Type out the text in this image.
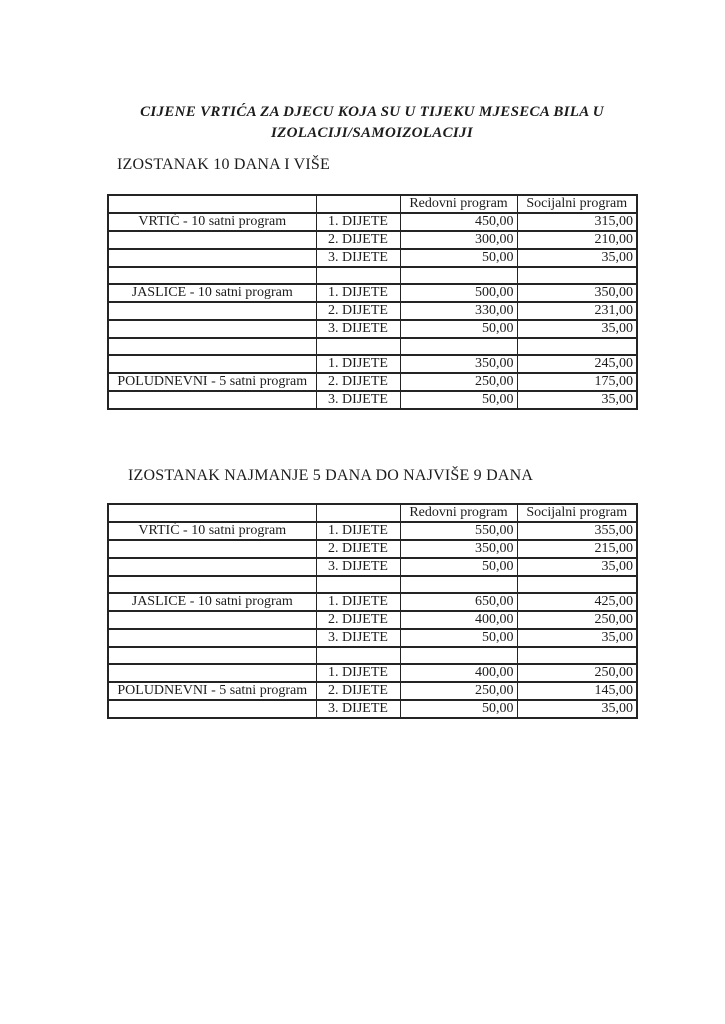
CIJENE VRTIĆA ZA DJECU KOJA SU U TIJEKU MJESECA BILA U
IZOLACIJI/SAMOIZOLACIJI
IZOSTANAK 10 DANA I VIŠE
		Redovni program	Socijalni program
VRTIĆ - 10 satni program	1. DIJETE	450,00	315,00
	2. DIJETE	300,00	210,00
	3. DIJETE	50,00	35,00

JASLICE - 10 satni program	1. DIJETE	500,00	350,00
	2. DIJETE	330,00	231,00
	3. DIJETE	50,00	35,00

	1. DIJETE	350,00	245,00
POLUDNEVNI - 5 satni program	2. DIJETE	250,00	175,00
	3. DIJETE	50,00	35,00
IZOSTANAK NAJMANJE 5 DANA DO NAJVIŠE 9 DANA
		Redovni program	Socijalni program
VRTIĆ - 10 satni program	1. DIJETE	550,00	355,00
	2. DIJETE	350,00	215,00
	3. DIJETE	50,00	35,00

JASLICE - 10 satni program	1. DIJETE	650,00	425,00
	2. DIJETE	400,00	250,00
	3. DIJETE	50,00	35,00

	1. DIJETE	400,00	250,00
POLUDNEVNI - 5 satni program	2. DIJETE	250,00	145,00
	3. DIJETE	50,00	35,00
